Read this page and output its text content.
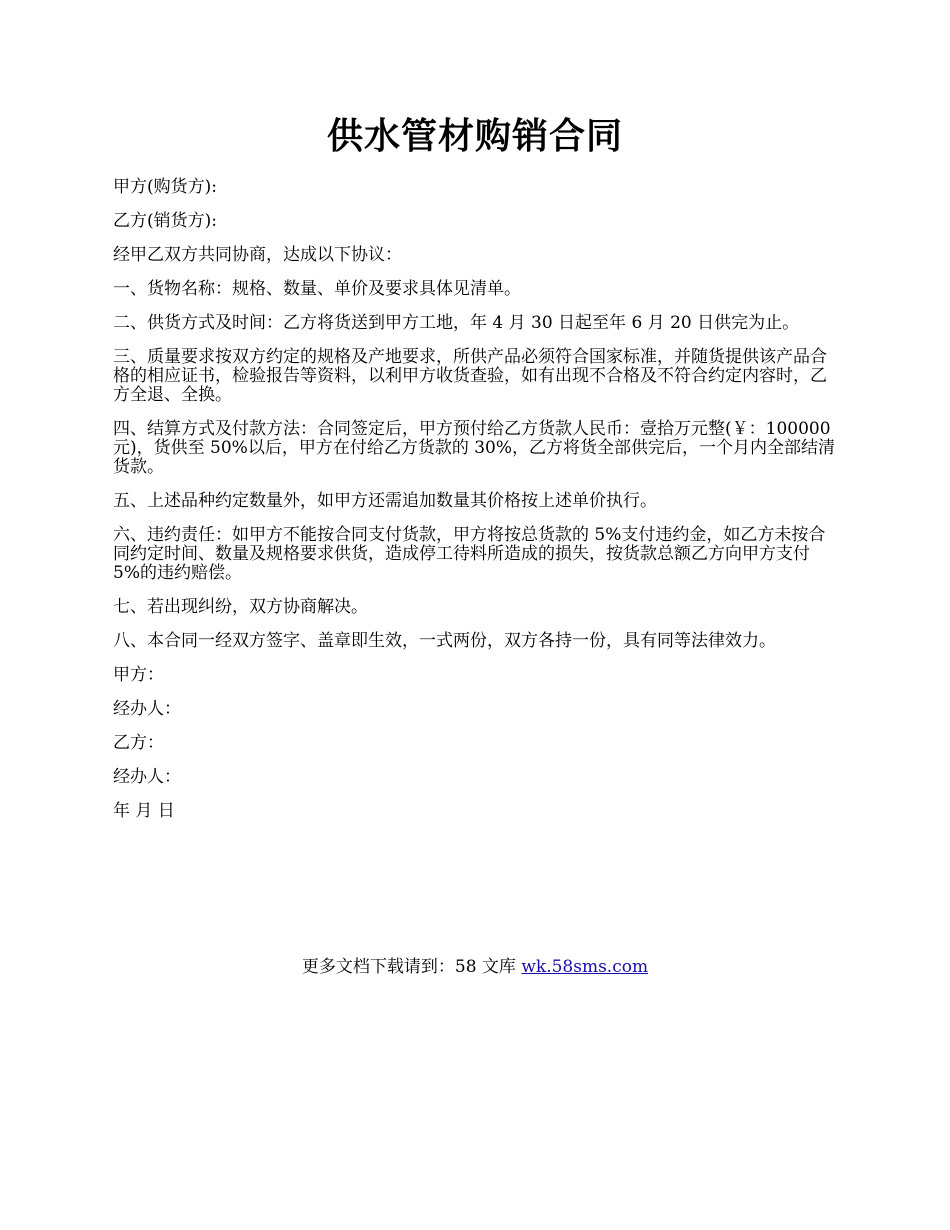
供水管材购销合同

甲方(购货方):

乙方(销货方):

经甲乙双方共同协商，达成以下协议：

一、货物名称：规格、数量、单价及要求具体见清单。

二、供货方式及时间：乙方将货送到甲方工地，年 4 月 30 日起至年 6 月 20 日供完为止。

三、质量要求按双方约定的规格及产地要求，所供产品必须符合国家标准，并随货提供该产品合格的相应证书，检验报告等资料，以利甲方收货查验，如有出现不合格及不符合约定内容时，乙方全退、全换。

四、结算方式及付款方法：合同签定后，甲方预付给乙方货款人民币：壹拾万元整(￥：100000 元)，货供至 50%以后，甲方在付给乙方货款的 30%，乙方将货全部供完后，一个月内全部结清货款。

五、上述品种约定数量外，如甲方还需追加数量其价格按上述单价执行。

六、违约责任：如甲方不能按合同支付货款，甲方将按总货款的 5%支付违约金，如乙方未按合同约定时间、数量及规格要求供货，造成停工待料所造成的损失，按货款总额乙方向甲方支付 5%的违约赔偿。

七、若出现纠纷，双方协商解决。

八、本合同一经双方签字、盖章即生效，一式两份，双方各持一份，具有同等法律效力。

甲方：

经办人：

乙方：

经办人：

年 月 日

更多文档下载请到：58 文库 wk.58sms.com
